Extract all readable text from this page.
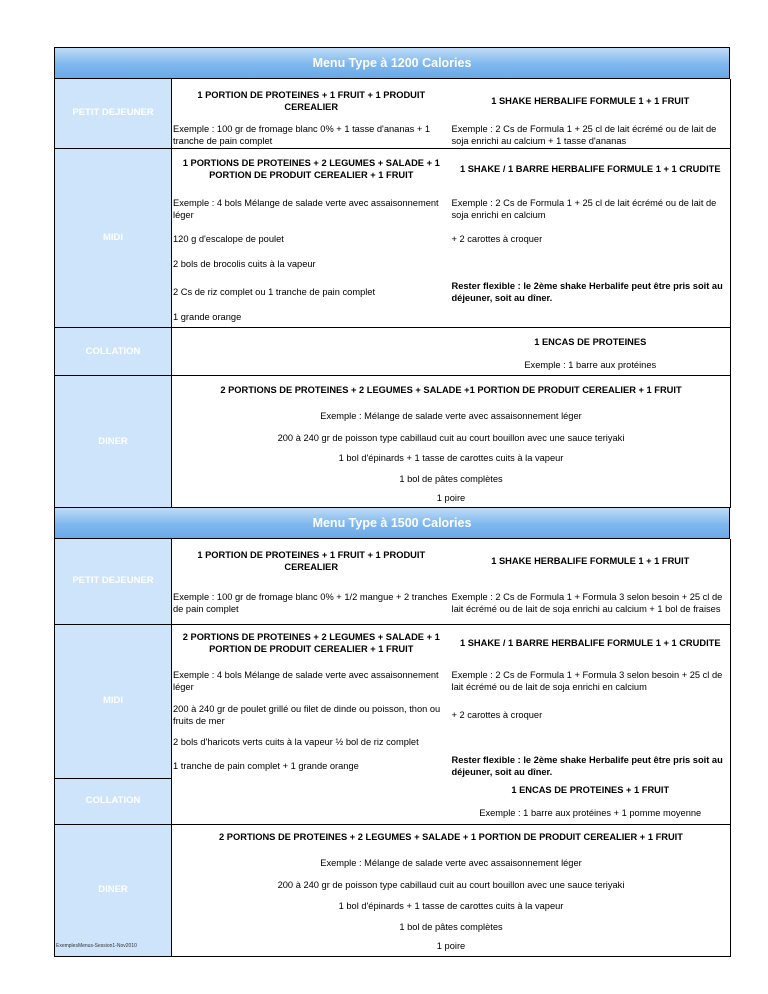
Menu Type à 1200 Calories
PETIT DEJEUNER	1 PORTION DE PROTEINES + 1 FRUIT + 1 PRODUIT CEREALIER	1 SHAKE HERBALIFE FORMULE 1 + 1 FRUIT
	Exemple : 100 gr de fromage blanc 0% + 1 tasse d'ananas + 1 tranche de pain complet	Exemple : 2 Cs de Formula 1 + 25 cl de lait écrémé ou de lait de soja enrichi au calcium + 1 tasse d'ananas
MIDI	1 PORTIONS DE PROTEINES + 2 LEGUMES + SALADE + 1 PORTION DE PRODUIT CEREALIER + 1 FRUIT	1 SHAKE / 1 BARRE HERBALIFE FORMULE 1 + 1 CRUDITE
	Exemple : 4 bols Mélange de salade verte avec assaisonnement léger	Exemple : 2 Cs de Formula 1 + 25 cl de lait écrémé ou de lait de soja enrichi en calcium
	120 g d'escalope de poulet	+ 2 carottes à croquer
	2 bols de brocolis cuits à la vapeur	
	2 Cs de riz complet ou 1 tranche de pain complet	Rester flexible : le 2ème shake Herbalife peut être pris soit au déjeuner, soit au dîner.
	1 grande orange	

COLLATION		1 ENCAS DE PROTEINES
		Exemple : 1 barre aux protéines
DINER	2 PORTIONS DE PROTEINES + 2 LEGUMES + SALADE +1 PORTION DE PRODUIT CEREALIER + 1 FRUIT	
	Exemple : Mélange de salade verte avec assaisonnement léger	
	200 à 240 gr de poisson type cabillaud cuit au court bouillon avec une sauce teriyaki	
	1 bol d'épinards + 1 tasse de carottes cuits à la vapeur	
	1 bol de pâtes complètes	
	1 poire	
Menu Type à 1500 Calories
PETIT DEJEUNER	1 PORTION DE PROTEINES + 1 FRUIT + 1 PRODUIT CEREALIER	1 SHAKE HERBALIFE FORMULE 1 + 1 FRUIT
	Exemple : 100 gr de fromage blanc 0% + 1/2 mangue + 2 tranches de pain complet	Exemple : 2 Cs de Formula 1 + Formula 3 selon besoin + 25 cl de lait écrémé ou de lait de soja enrichi au calcium + 1 bol de fraises
MIDI	2 PORTIONS DE PROTEINES + 2 LEGUMES + SALADE + 1 PORTION DE PRODUIT CEREALIER + 1 FRUIT	1 SHAKE / 1 BARRE HERBALIFE FORMULE 1 + 1 CRUDITE
	Exemple : 4 bols Mélange de salade verte avec assaisonnement léger	Exemple : 2 Cs de Formula 1 + Formula 3 selon besoin + 25 cl de lait écrémé ou de lait de soja enrichi en calcium
	200 à 240 gr de poulet grillé ou filet de dinde ou poisson, thon ou fruits de mer	+ 2 carottes à croquer
	2 bols d'haricots verts cuits à la vapeur ½ bol de riz complet	
	1 tranche de pain complet + 1 grande orange	Rester flexible : le 2ème shake Herbalife peut être pris soit au déjeuner, soit au dîner.
COLLATION		1 ENCAS DE PROTEINES + 1 FRUIT
		Exemple : 1 barre aux protéines + 1 pomme moyenne
DINER	2 PORTIONS DE PROTEINES + 2 LEGUMES + SALADE + 1 PORTION DE PRODUIT CEREALIER + 1 FRUIT	
	Exemple : Mélange de salade verte avec assaisonnement léger	
	200 à 240 gr de poisson type cabillaud cuit au court bouillon avec une sauce teriyaki	
	1 bol d'épinards + 1 tasse de carottes cuits à la vapeur	
	1 bol de pâtes complètes	
	1 poire	
ExemplesMenus-Session1-Nov2010
